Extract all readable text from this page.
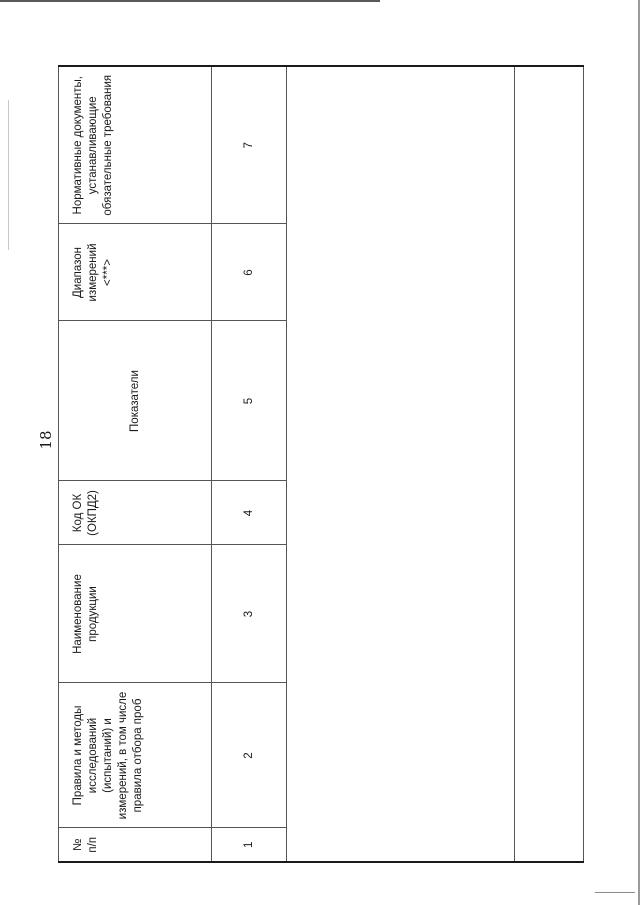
18
№ п/п	Правила и методы исследований (испытаний) и измерений, в том числе правила отбора проб	Наименование продукции	Код ОК (ОКПД2)	Показатели	Диапазон измерений <***>	Нормативные документы, устанавливающие обязательные требования
1	2	3	4	5	6	7
